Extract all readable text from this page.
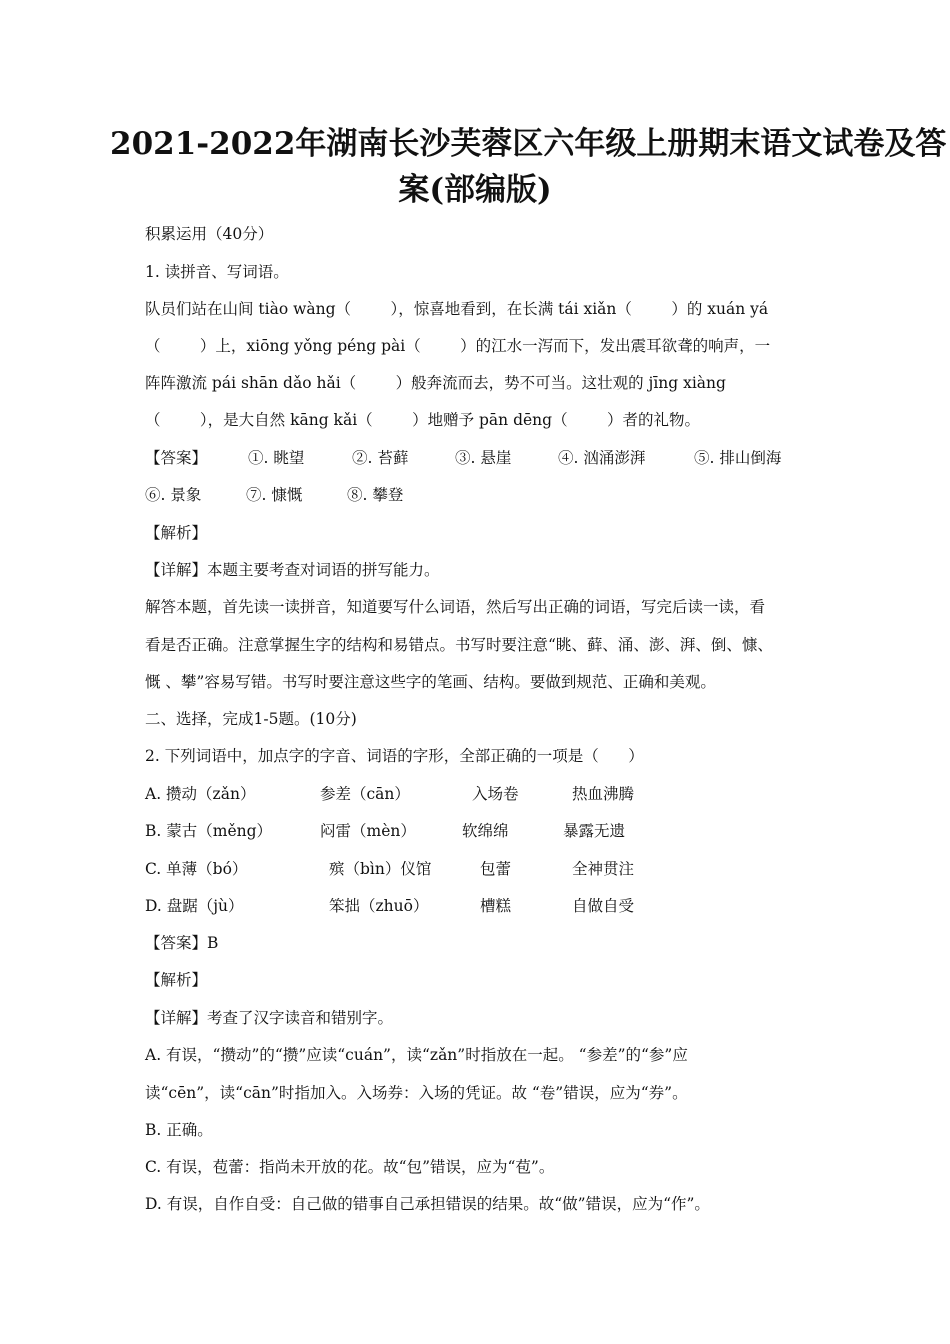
2021-2022年湖南长沙芙蓉区六年级上册期末语文试卷及答
案(部编版)
积累运用（40分）
1. 读拼音、写词语。
队员们站在山间 tiào wàng（        ），惊喜地看到，在长满 tái xiǎn（        ）的 xuán yá
（        ）上，xiōng yǒng péng pài（        ）的江水一泻而下，发出震耳欲聋的响声，一
阵阵激流 pái shān dǎo hǎi（        ）般奔流而去，势不可当。这壮观的 jīng xiàng
（        ），是大自然 kāng kǎi（        ）地赠予 pān dēng（        ）者的礼物。
【答案】	①. 眺望	②. 苔藓	③. 悬崖	④. 汹涌澎湃	⑤. 排山倒海
⑥. 景象	⑦. 慷慨	⑧. 攀登
【解析】
【详解】本题主要考查对词语的拼写能力。
解答本题，首先读一读拼音，知道要写什么词语，然后写出正确的词语，写完后读一读，看
看是否正确。注意掌握生字的结构和易错点。书写时要注意“眺、藓、涌、澎、湃、倒、慷、
慨 、攀”容易写错。书写时要注意这些字的笔画、结构。要做到规范、正确和美观。
二、选择，完成1-5题。(10分)
2. 下列词语中，加点字的字音、词语的字形，全部正确的一项是（      ）
A. 攒动（zǎn）	参差（cān）	入场卷	热血沸腾
B. 蒙古（měng）	闷雷（mèn）	软绵绵	暴露无遗
C. 单薄（bó）	殡（bìn）仪馆	包蕾	全神贯注
D. 盘踞（jù）	笨拙（zhuō）	槽糕	自做自受
【答案】B
【解析】
【详解】考查了汉字读音和错别字。
A. 有误，“攒动”的“攒”应读“cuán”，读“zǎn”时指放在一起。 “参差”的“参”应
读“cēn”，读“cān”时指加入。入场券：入场的凭证。故 “卷”错误，应为“券”。
B. 正确。
C. 有误，苞蕾：指尚未开放的花。故“包”错误，应为“苞”。
D. 有误，自作自受：自己做的错事自己承担错误的结果。故“做”错误，应为“作”。
